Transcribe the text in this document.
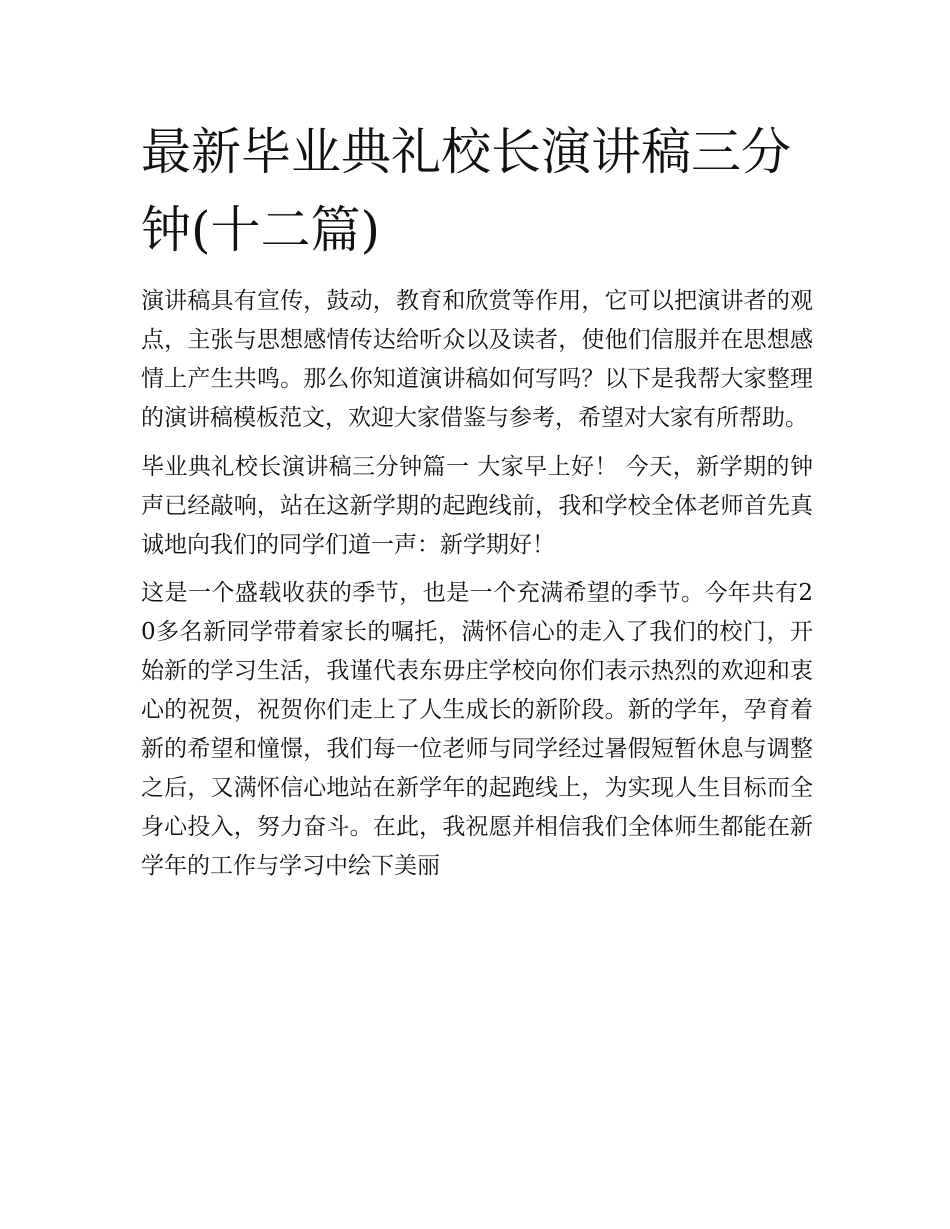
最新毕业典礼校长演讲稿三分钟(十二篇)

演讲稿具有宣传，鼓动，教育和欣赏等作用，它可以把演讲者的观点，主张与思想感情传达给听众以及读者，使他们信服并在思想感情上产生共鸣。那么你知道演讲稿如何写吗？以下是我帮大家整理的演讲稿模板范文，欢迎大家借鉴与参考，希望对大家有所帮助。

毕业典礼校长演讲稿三分钟篇一 大家早上好！ 今天，新学期的钟声已经敲响，站在这新学期的起跑线前，我和学校全体老师首先真诚地向我们的同学们道一声：新学期好！

这是一个盛载收获的季节，也是一个充满希望的季节。今年共有20多名新同学带着家长的嘱托，满怀信心的走入了我们的校门，开始新的学习生活，我谨代表东毋庄学校向你们表示热烈的欢迎和衷心的祝贺，祝贺你们走上了人生成长的新阶段。新的学年，孕育着新的希望和憧憬，我们每一位老师与同学经过暑假短暂休息与调整之后，又满怀信心地站在新学年的起跑线上，为实现人生目标而全身心投入，努力奋斗。在此，我祝愿并相信我们全体师生都能在新学年的工作与学习中绘下美丽
